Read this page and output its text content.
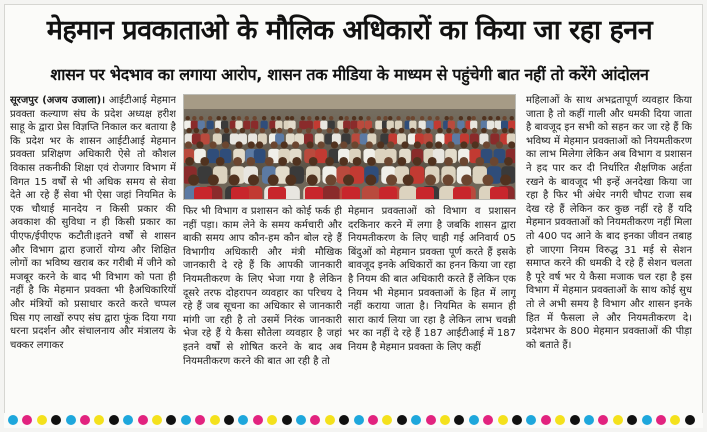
मेहमान प्रवकाताओ के मौलिक अधिकारों का किया जा रहा हनन
शासन पर भेदभाव का लगाया आरोप, शासन तक मीडिया के माध्यम से पहुंचेगी बात नहीं तो करेंगे आंदोलन
सूरजपुर (अजय उजाला)। आईटीआई मेहमान प्रवक्ता कल्याण संघ के प्रदेश अध्यक्ष हरीश साहू के द्वारा प्रेस विज्ञप्ति निकाल कर बताया है कि प्रदेश भर के शासन आईटीआई मेहमान प्रवक्ता प्रशिक्षण अधिकारी ऐसे तो कौशल विकास तकनीकी शिक्षा एवं रोजगार विभाग में विगत 15 वर्षों से भी अधिक समय से सेवा देते आ रहे हैं सेवा भी ऐसा जहां नियमित के एक चौथाई मानदेय न किसी प्रकार की अवकाश की सुविधा न ही किसी प्रकार का पीएफ/ईपीएफ कटौती।इतने वर्षों से शासन और विभाग द्वारा हजारों योग्य और शिक्षित लोगों का भविष्य खराब कर गरीबी में जीने को मजबूर करने के बाद भी विभाग को पता ही नहीं है कि मेहमान प्रवक्ता भी हैअधिकारियों और मंत्रियों को प्रसाधार करते करते चप्पल घिस गए लाखों रुपए संघ द्वारा फूंक दिया गया धरना प्रदर्शन और संचालनाय और मंत्रालय के चक्कर लगाकर
फिर भी विभाग व प्रशासन को कोई फर्क ही नहीं पड़ा। काम लेने के समय कर्मचारी और बाकी समय आप कौन-हम कौन बोल रहे हैं विभागीय अधिकारी और मंत्री मौखिक जानकारी दे रहे हैं कि आपकी जानकारी नियमतीकरण के लिए भेजा गया है लेकिन दूसरे तरफ दोहरापन व्यवहार का परिचय दे रहे हैं जब सूचना का अधिकार से जानकारी मांगी जा रही है तो उसमें निरंक जानकारी भेज रहे हैं ये कैसा सौतेला व्यवहार है जहां इतने वर्षों से शोषित करने के बाद अब नियमतीकरण करने की बात आ रही है तो
मेहमान प्रवक्ताओं को विभाग व प्रशासन दरकिनार करने में लगा है जबकि शासन द्वारा नियमतीकरण के लिए चाही गई अनिवार्य 05 बिंदुओं को मेहमान प्रवक्ता पूर्ण करते हैं इसके बावजूद इनके अधिकारों का हनन किया जा रहा है नियम की बात अधिकारी करते हैं लेकिन एक नियम भी मेहमान प्रवक्ताओं के हित में लागू नहीं कराया जाता है। नियमित के समान ही सारा कार्य लिया जा रहा है लेकिन लाभ चवन्नी भर का नहीं दे रहे हैं 187 आईटीआई में 187 नियम है मेहमान प्रवक्ता के लिए कहीं
महिलाओं के साथ अभद्रतापूर्ण व्यवहार किया जाता है तो कहीं गाली और धमकी दिया जाता है बावजूद इन सभी को सहन कर जा रहे हैं कि भविष्य में मेहमान प्रवक्ताओं को नियमतीकरण का लाभ मिलेगा लेकिन अब विभाग व प्रशासन ने हद पार कर दी निर्धारित शैक्षणिक अर्हता रखने के बावजूद भी इन्हें अनदेखा किया जा रहा है फिर भी अंधेर नगरी चौपट राजा सब देख रहे हैं लेकिन कर कुछ नहीं रहे हैं यदि मेहमान प्रवक्ताओं को नियमतीकरण नहीं मिला तो 400 पद आने के बाद इनका जीवन तबाह हो जाएगा नियम विरुद्ध 31 मई से सेशन समाप्त करने की धमकी दे रहे हैं सेशन चलता है पूरे वर्ष भर ये कैसा मजाक चल रहा है इस विभाग में मेहमान प्रवक्ताओं के साथ कोई सुध तो ले अभी समय है विभाग और शासन इनके हित में फैसला ले और नियमतीकरण दे। प्रदेशभर के 800 मेहमान प्रवक्ताओं की पीड़ा को बताते हैं।
